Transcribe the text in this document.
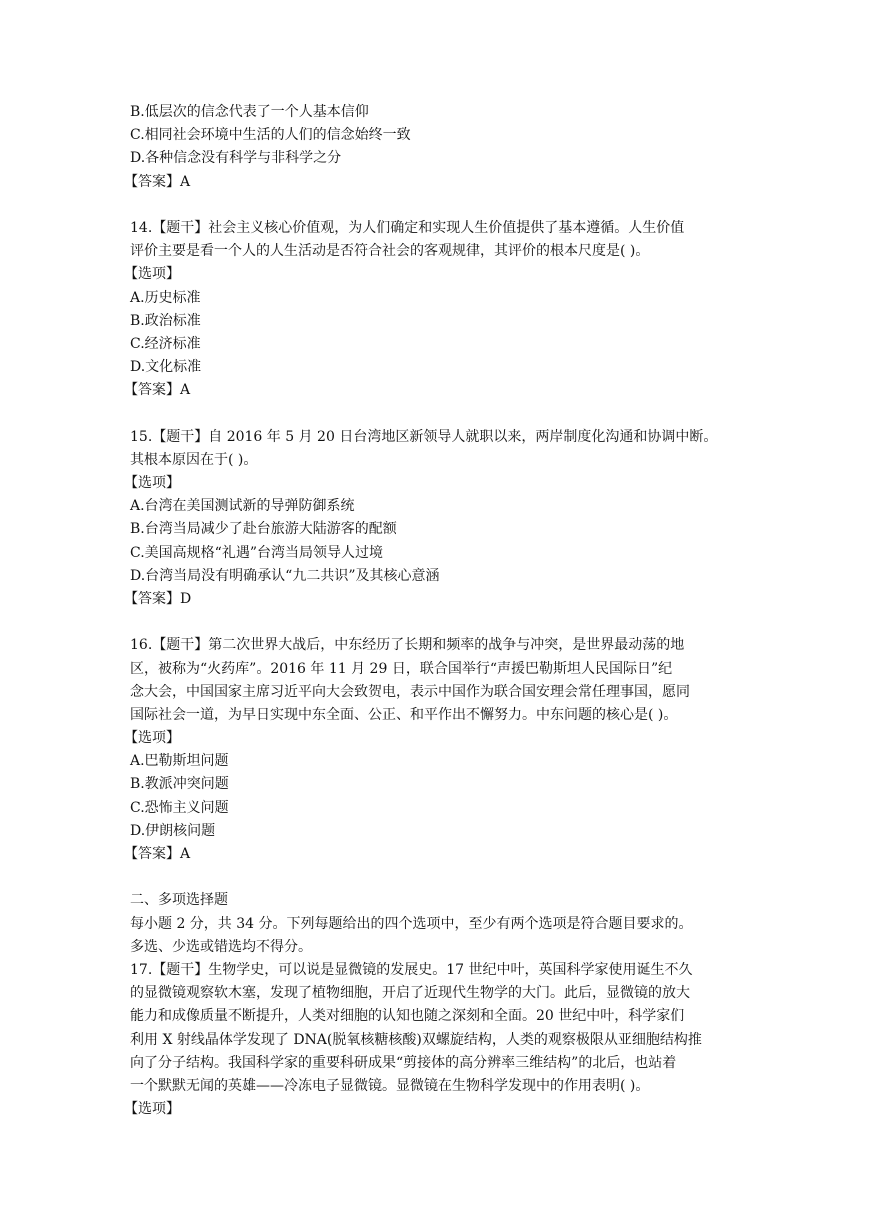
B.低层次的信念代表了一个人基本信仰
C.相同社会环境中生活的人们的信念始终一致
D.各种信念没有科学与非科学之分
【答案】A
14.【题干】社会主义核心价值观，为人们确定和实现人生价值提供了基本遵循。人生价值
评价主要是看一个人的人生活动是否符合社会的客观规律，其评价的根本尺度是( )。
【选项】
A.历史标准
B.政治标准
C.经济标准
D.文化标准
【答案】A
15.【题干】自 2016 年 5 月 20 日台湾地区新领导人就职以来，两岸制度化沟通和协调中断。
其根本原因在于( )。
【选项】
A.台湾在美国测试新的导弹防御系统
B.台湾当局减少了赴台旅游大陆游客的配额
C.美国高规格“礼遇”台湾当局领导人过境
D.台湾当局没有明确承认“九二共识”及其核心意涵
【答案】D
16.【题干】第二次世界大战后，中东经历了长期和频率的战争与冲突，是世界最动荡的地
区，被称为“火药库”。2016 年 11 月 29 日，联合国举行“声援巴勒斯坦人民国际日”纪
念大会，中国国家主席习近平向大会致贺电，表示中国作为联合国安理会常任理事国，愿同
国际社会一道，为早日实现中东全面、公正、和平作出不懈努力。中东问题的核心是( )。
【选项】
A.巴勒斯坦问题
B.教派冲突问题
C.恐怖主义问题
D.伊朗核问题
【答案】A
二、多项选择题
每小题 2 分，共 34 分。下列每题给出的四个选项中，至少有两个选项是符合题目要求的。
多选、少选或错选均不得分。
17.【题干】生物学史，可以说是显微镜的发展史。17 世纪中叶，英国科学家使用诞生不久
的显微镜观察软木塞，发现了植物细胞，开启了近现代生物学的大门。此后，显微镜的放大
能力和成像质量不断提升，人类对细胞的认知也随之深刻和全面。20 世纪中叶，科学家们
利用 X 射线晶体学发现了 DNA(脱氧核糖核酸)双螺旋结构，人类的观察极限从亚细胞结构推
向了分子结构。我国科学家的重要科研成果“剪接体的高分辨率三维结构”的北后，也站着
一个默默无闻的英雄——冷冻电子显微镜。显微镜在生物科学发现中的作用表明( )。
【选项】
